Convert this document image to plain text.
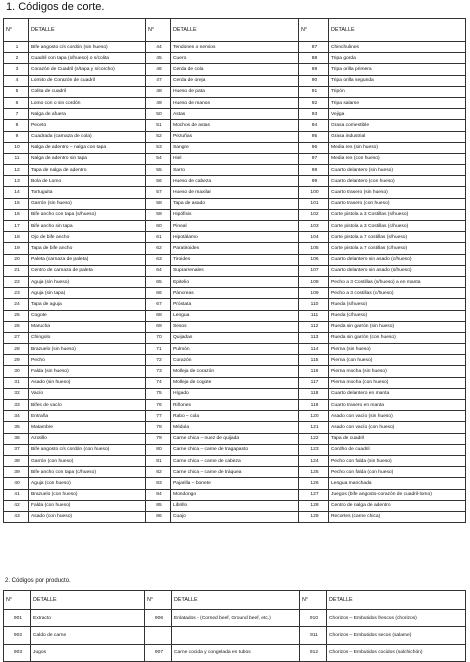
1. Códigos de corte.
N°	DETALLE	N°	DETALLE	N°	DETALLE
1	Bife angosto c/s cordón (sin hueso)	44	Tendones o nervios	87	Chinchulines
2	Cuadril con tapa (s/hueso) o s/colita	45	Cuero	88	Tripa gorda
3	Corazón de Cuadril (s/tapa y s/corcho)	46	Cerda de cola	89	Tripa orilla primera
4	Lomito de Corazón de cuadril	47	Cerda de oreja	90	Tripa orilla segunda
5	Colita de cuadril	48	Hueso de pata	91	Tripón
6	Lomo con o sin cordón	49	Hueso de manos	92	Tripa salame
7	Nalga de afuera	50	Astas	93	Vejiga
8	Peceto	51	Mochos de astas	94	Grasa comestible
9	Cuadrada (carnaza de cola)	52	Pezuñas	95	Grasa industrial
10	Nalga de adentro – nalga con tapa	53	Sangre	96	Media res (sin hueso)
11	Nalga de adentro sin tapa	54	Hiel	97	Media res (con hueso)
12	Tapa de nalga de adentro	55	Sarro	98	Cuarto delantero (sin hueso)
13	Bola de Lomo	56	Hueso de cabeza	99	Cuarto delantero (con hueso)
14	Tortuguita	57	Hueso de maxilar	100	Cuarto trasero (sin hueso)
15	Garrón (sin hueso)	58	Tapa de asado	101	Cuarto trasero (con hueso)
16	Bife ancho con tapa (s/hueso)	59	Hipófisis	102	Corte pistola a 3 Costillas (s/hueso)
17	Bife ancho sin tapa	60	Pineal	103	Corte pistola a 3 Costillas (c/hueso)
18	Ojo de bife ancho	61	Hipotálamo	104	Corte pistola a 7 costillas (s/hueso)
19	Tapa de bife ancho	62	Paratiroides	105	Corte pistola a 7 costillas (c/hueso)
20	Paleta (carnaza de paleta)	63	Tiroides	106	Cuarto delantero sin asado (c/hueso)
21	Centro de carnaza de paleta	64	Suprarrenales	107	Cuarto delantero sin asado (s/hueso)
22	Aguja (sin hueso)	65	Epitelio	108	Pecho a 3 Costillas (s/hueso) a en manta
23	Aguja (sin tapa)	66	Páncreas	109	Pecho a 3 costillas (c/hueso)
24	Tapa de aguja	67	Próstata	110	Rueda (s/hueso)
25	Cogote	68	Lengua	111	Rueda (c/hueso)
26	Marucha	69	Sesos	112	Rueda sin garrón (sin hueso)
27	Chingolo	70	Quijadas	113	Rueda sin garrón (con hueso)
28	Brazuelo (sin hueso)	71	Pulmón	114	Pierna (sin hueso)
29	Pecho	72	Corazón	115	Pierna (con hueso)
30	Falda (sin hueso)	73	Molleja de corazón	116	Pierna mocha (sin hueso)
31	Asado (sin hueso)	74	Molleja de cogote	117	Pierna mocha (con hueso)
32	Vacío	75	Hígado	118	Cuarto delantero en manta
33	Bifes de vacío	76	Riñones	119	Cuarto trasero en manta
34	Entraña	77	Rabo – cola	120	Asado con vacío (sin hueso)
35	Matambre	78	Médula	121	Asado con vacío (con hueso)
36	Azotillo	79	Carne chica – nuez de quijada	122	Tapa de cuadril
37	Bife angosto c/s cordón (con hueso)	80	Carne chica – carne de tragapasto	123	Cordho de cuadril
38	Garrón (con hueso)	81	Carne chica – carne de cabeza	124	Pecho con falda (sin hueso)
39	Bife ancho con tapa (c/hueso)	82	Carne chica – carne de tráquea	125	Pecho con falda (con hueso)
40	Aguja (con hueso)	83	Pajarilla – bonete	126	Lengua manchada
41	Brazuelo (con hueso)	84	Mondongo	127	Juegos (bife angosto-corazón de cuadril-lomo)
42	Falda (con hueso)	85	Librillo	128	Centro de nalga de adentro
43	Asado (con hueso)	86	Cuajo	129	Recortes (carne chica)
2. Códigos por producto.
N°	DETALLE	N°	DETALLE	N°	DETALLE
901	Extracto	906	Enlatados - (Corned beef, Ground beef, etc.)	910	Chorizos – Embutidos frescos (chorizos)
902	Caldo de carne			911	Chorizos – Embutidos secos (salame)
903	Jugos	907	Carne cocida y congelada en tubos	912	Chorizos – Embutidos cocidos (salchichón)
